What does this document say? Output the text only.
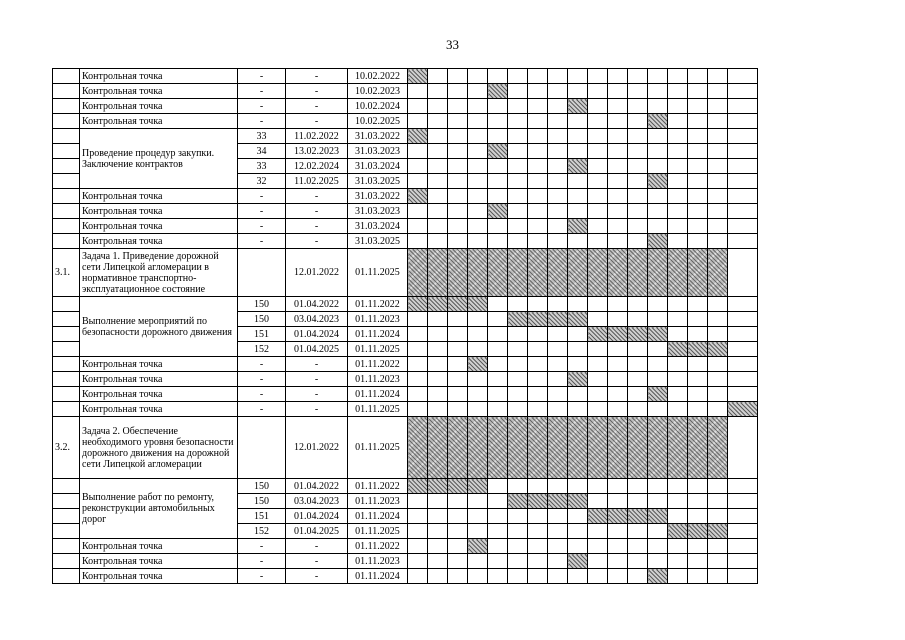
33
	Контрольная точка	-	-	10.02.2022																	
	Контрольная точка	-	-	10.02.2023																	
	Контрольная точка	-	-	10.02.2024																	
	Контрольная точка	-	-	10.02.2025																	
	Проведение процедур закупки. Заключение контрактов	33	11.02.2022	31.03.2022																	
		34	13.02.2023	31.03.2023																	
		33	12.02.2024	31.03.2024																	
		32	11.02.2025	31.03.2025																	
	Контрольная точка	-	-	31.03.2022																	
	Контрольная точка	-	-	31.03.2023																	
	Контрольная точка	-	-	31.03.2024																	
	Контрольная точка	-	-	31.03.2025																	
3.1.	Задача 1. Приведение дорожной сети Липецкой агломерации в нормативное транспортно-эксплуатационное состояние		12.01.2022	01.11.2025																	
	Выполнение мероприятий по безопасности дорожного движения	150	01.04.2022	01.11.2022																	
		150	03.04.2023	01.11.2023																	
		151	01.04.2024	01.11.2024																	
		152	01.04.2025	01.11.2025																	
	Контрольная точка	-	-	01.11.2022																	
	Контрольная точка	-	-	01.11.2023																	
	Контрольная точка	-	-	01.11.2024																	
	Контрольная точка	-	-	01.11.2025																	
3.2.	Задача 2. Обеспечение необходимого уровня безопасности дорожного движения на дорожной сети Липецкой агломерации		12.01.2022	01.11.2025																	
	Выполнение работ по ремонту, реконструкции автомобильных дорог	150	01.04.2022	01.11.2022																	
		150	03.04.2023	01.11.2023																	
		151	01.04.2024	01.11.2024																	
		152	01.04.2025	01.11.2025																	
	Контрольная точка	-	-	01.11.2022																	
	Контрольная точка	-	-	01.11.2023																	
	Контрольная точка	-	-	01.11.2024																	
